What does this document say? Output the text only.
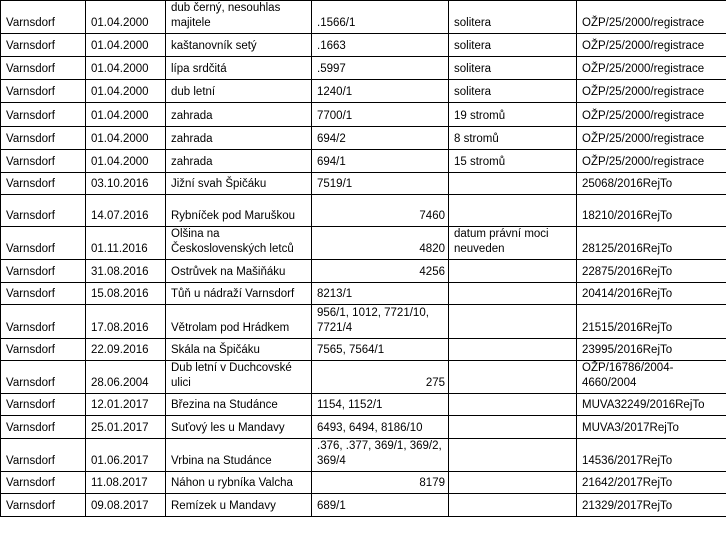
Varnsdorf	01.04.2000	dub černý, nesouhlas majitele	.1566/1	solitera	OŽP/25/2000/registrace
Varnsdorf	01.04.2000	kaštanovník setý	.1663	solitera	OŽP/25/2000/registrace
Varnsdorf	01.04.2000	lípa srdčitá	.5997	solitera	OŽP/25/2000/registrace
Varnsdorf	01.04.2000	dub letní	1240/1	solitera	OŽP/25/2000/registrace
Varnsdorf	01.04.2000	zahrada	7700/1	19 stromů	OŽP/25/2000/registrace
Varnsdorf	01.04.2000	zahrada	694/2	8 stromů	OŽP/25/2000/registrace
Varnsdorf	01.04.2000	zahrada	694/1	15 stromů	OŽP/25/2000/registrace
Varnsdorf	03.10.2016	Jižní svah Špičáku	7519/1		25068/2016RejTo
Varnsdorf	14.07.2016	Rybníček pod Maruškou	7460		18210/2016RejTo
Varnsdorf	01.11.2016	Olšina na Československých letců	4820	datum právní moci neuveden	28125/2016RejTo
Varnsdorf	31.08.2016	Ostrůvek na Mašiňáku	4256		22875/2016RejTo
Varnsdorf	15.08.2016	Tůň u nádraží Varnsdorf	8213/1		20414/2016RejTo
Varnsdorf	17.08.2016	Větrolam pod Hrádkem	956/1, 1012, 7721/10, 7721/4		21515/2016RejTo
Varnsdorf	22.09.2016	Skála na Špičáku	7565, 7564/1		23995/2016RejTo
Varnsdorf	28.06.2004	Dub letní v Duchcovské ulici	275		OŽP/16786/2004-4660/2004
Varnsdorf	12.01.2017	Březina na Studánce	1154, 1152/1		MUVA32249/2016RejTo
Varnsdorf	25.01.2017	Suťový les u Mandavy	6493, 6494, 8186/10		MUVA3/2017RejTo
Varnsdorf	01.06.2017	Vrbina na Studánce	.376, .377, 369/1, 369/2, 369/4		14536/2017RejTo
Varnsdorf	11.08.2017	Náhon u rybníka Valcha	8179		21642/2017RejTo
Varnsdorf	09.08.2017	Remízek u Mandavy	689/1		21329/2017RejTo
